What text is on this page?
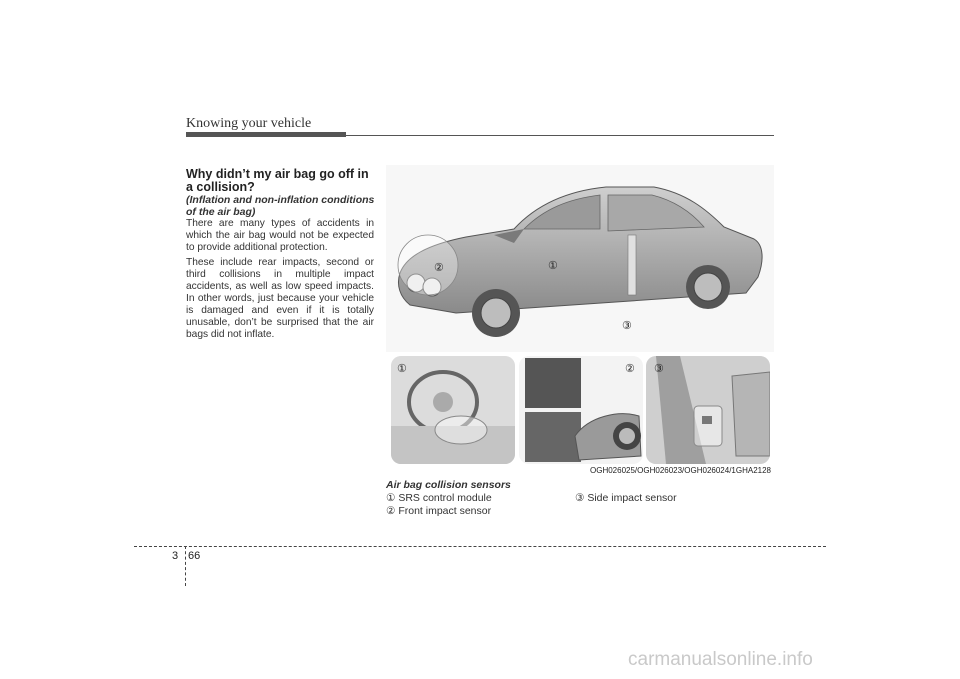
Knowing your vehicle
Why didn’t my air bag go off in a collision?
(Inflation and non-inflation conditions of the air bag)
There are many types of accidents in which the air bag would not be expected to provide additional protection.
These include rear impacts, second or third collisions in multiple impact accidents, as well as low speed impacts. In other words, just because your vehicle is damaged and even if it is totally unusable, don’t be surprised that the air bags did not inflate.
②	①
③
①	② ③
OGH026025/OGH026023/OGH026024/1GHA2128
Air bag collision sensors
① SRS control module
② Front impact sensor
③ Side impact sensor
3 66
carmanualsonline.info
